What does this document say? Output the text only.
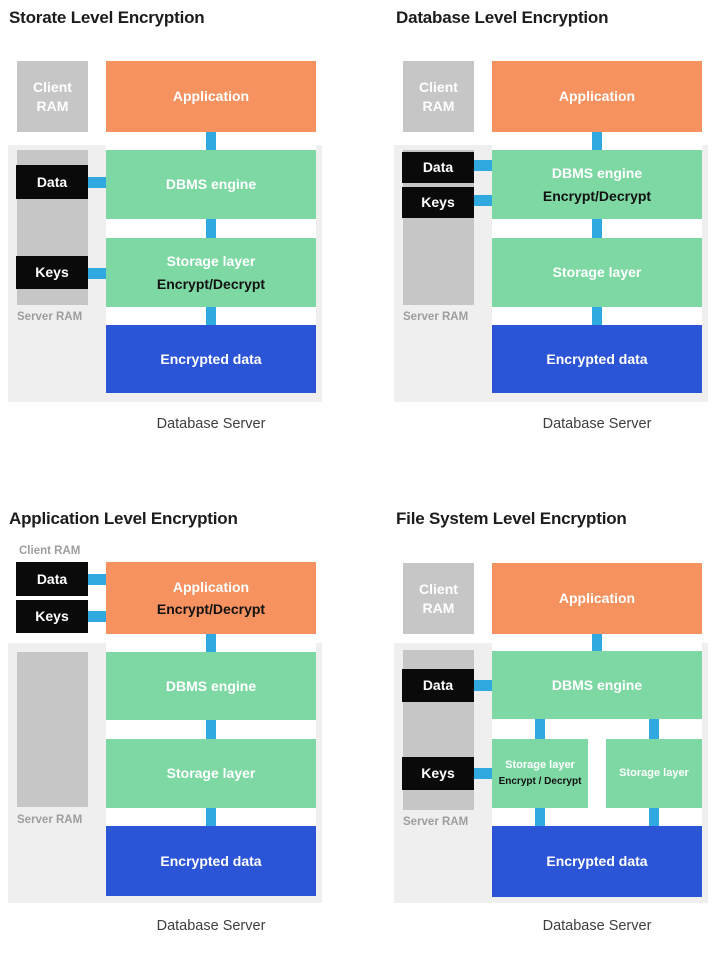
Storate Level Encryption
Client RAM
Application
DBMS engine
Data
Storage layer
Encrypt/Decrypt
Keys
Server RAM
Encrypted data
Database Server
Database Level Encryption
Client RAM
Application
DBMS engine
Encrypt/Decrypt
Data
Keys
Storage layer
Server RAM
Encrypted data
Database Server
Application Level Encryption
Client RAM
Data
Keys
Application
Encrypt/Decrypt
DBMS engine
Storage layer
Server RAM
Encrypted data
Database Server
File System Level Encryption
Client RAM
Application
DBMS engine
Data
Storage layer
Encrypt / Decrypt
Storage layer
Keys
Server RAM
Encrypted data
Database Server
